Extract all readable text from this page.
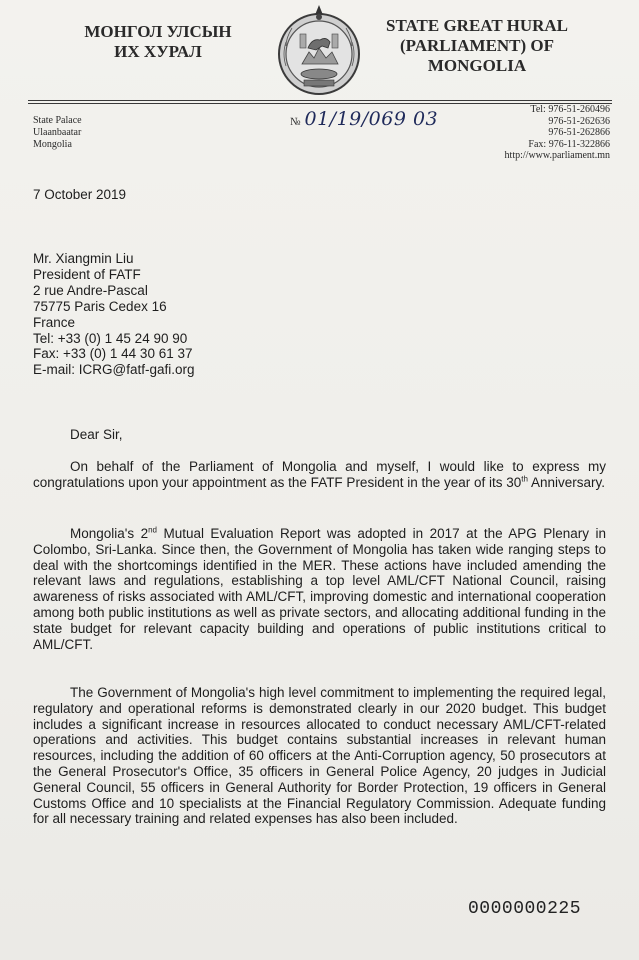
МОНГОЛ УЛСЫН
ИХ ХУРАЛ
STATE GREAT HURAL
(PARLIAMENT) OF
MONGOLIA
State Palace
Ulaanbaatar
Mongolia
№ 01/19/069 03	Tel: 976-51-260496
976-51-262636
976-51-262866
Fax: 976-11-322866
http://www.parliament.mn
7 October 2019
Mr. Xiangmin Liu
President of FATF
2 rue Andre-Pascal
75775 Paris Cedex 16
France
Tel: +33 (0) 1 45 24 90 90
Fax: +33 (0) 1 44 30 61 37
E-mail: ICRG@fatf-gafi.org
Dear Sir,
On behalf of the Parliament of Mongolia and myself, I would like to express my congratulations upon your appointment as the FATF President in the year of its 30th Anniversary.
Mongolia's 2nd Mutual Evaluation Report was adopted in 2017 at the APG Plenary in Colombo, Sri-Lanka. Since then, the Government of Mongolia has taken wide ranging steps to deal with the shortcomings identified in the MER. These actions have included amending the relevant laws and regulations, establishing a top level AML/CFT National Council, raising awareness of risks associated with AML/CFT, improving domestic and international cooperation among both public institutions as well as private sectors, and allocating additional funding in the state budget for relevant capacity building and operations of public institutions critical to AML/CFT.
The Government of Mongolia's high level commitment to implementing the required legal, regulatory and operational reforms is demonstrated clearly in our 2020 budget. This budget includes a significant increase in resources allocated to conduct necessary AML/CFT-related operations and activities. This budget contains substantial increases in relevant human resources, including the addition of 60 officers at the Anti-Corruption agency, 50 prosecutors at the General Prosecutor's Office, 35 officers in General Police Agency, 20 judges in Judicial General Council, 55 officers in General Authority for Border Protection, 19 officers in General Customs Office and 10 specialists at the Financial Regulatory Commission. Adequate funding for all necessary training and related expenses has also been included.
0000000225
